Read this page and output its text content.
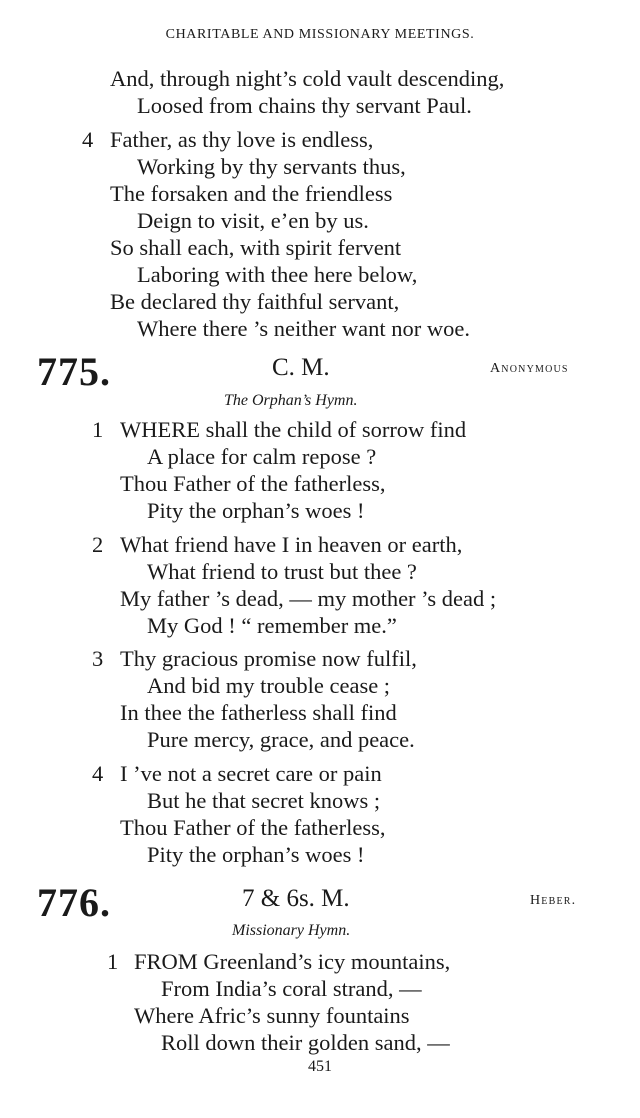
CHARITABLE AND MISSIONARY MEETINGS.
And, through night’s cold vault descending,
Loosed from chains thy servant Paul.
4 Father, as thy love is endless,
Working by thy servants thus,
The forsaken and the friendless
Deign to visit, e’en by us.
So shall each, with spirit fervent
Laboring with thee here below,
Be declared thy faithful servant,
Where there ’s neither want nor woe.
775.	C. M.	Anonymous
The Orphan’s Hymn.
1 WHERE shall the child of sorrow find
A place for calm repose ?
Thou Father of the fatherless,
Pity the orphan’s woes !
2 What friend have I in heaven or earth,
What friend to trust but thee ?
My father ’s dead, — my mother ’s dead ;
My God ! “ remember me.”
3 Thy gracious promise now fulfil,
And bid my trouble cease ;
In thee the fatherless shall find
Pure mercy, grace, and peace.
4 I ’ve not a secret care or pain
But he that secret knows ;
Thou Father of the fatherless,
Pity the orphan’s woes !
776.	7 & 6s. M.	Heber.
Missionary Hymn.
1 FROM Greenland’s icy mountains,
From India’s coral strand, —
Where Afric’s sunny fountains
Roll down their golden sand, —
451
